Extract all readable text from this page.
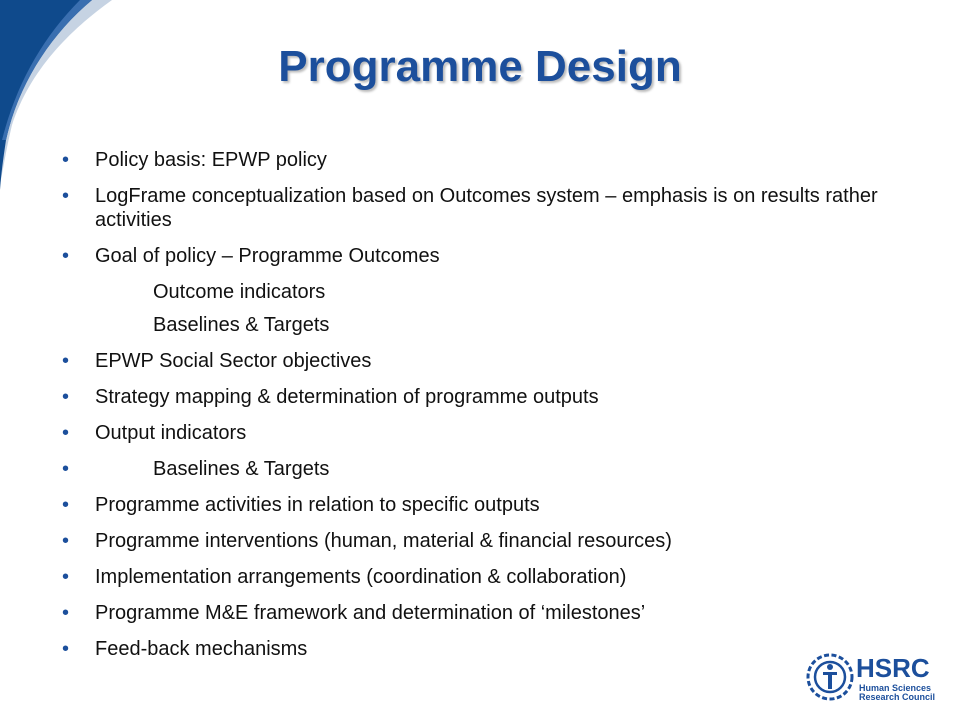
Programme Design
• Policy basis: EPWP policy
• LogFrame conceptualization based on Outcomes system – emphasis is on results rather activities
• Goal of policy – Programme Outcomes
Outcome indicators
Baselines & Targets
• EPWP Social Sector objectives
• Strategy mapping & determination of programme outputs
• Output indicators
•	Baselines & Targets
• Programme activities in relation to specific outputs
• Programme interventions (human, material & financial resources)
• Implementation arrangements (coordination & collaboration)
• Programme M&E framework and determination of ‘milestones’
• Feed-back mechanisms
HSRC
Human Sciences
Research Council
